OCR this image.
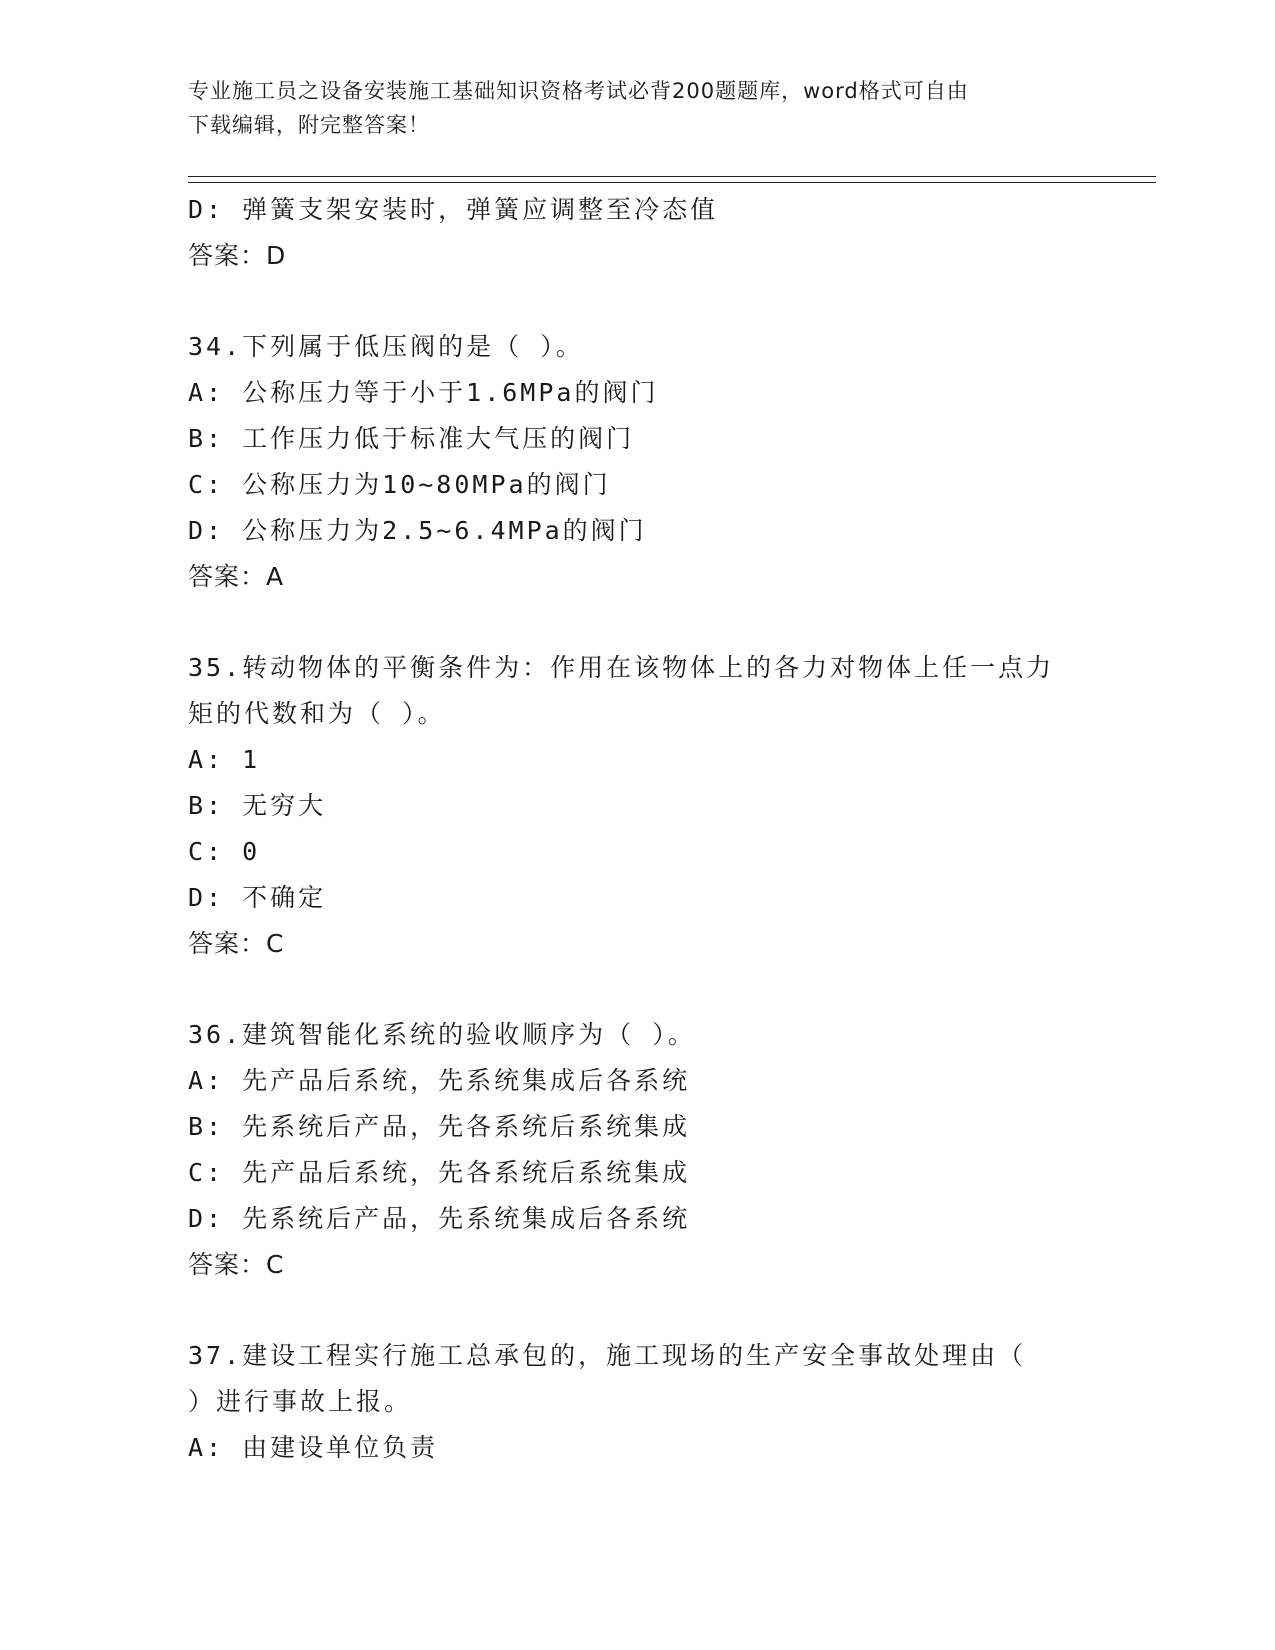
专业施工员之设备安装施工基础知识资格考试必背200题题库，word格式可自由
下载编辑，附完整答案！
D: 弹簧支架安装时，弹簧应调整至冷态值
答案：D
34.下列属于低压阀的是（ ）。
A: 公称压力等于小于1.6MPa的阀门
B: 工作压力低于标准大气压的阀门
C: 公称压力为10~80MPa的阀门
D: 公称压力为2.5~6.4MPa的阀门
答案：A
35.转动物体的平衡条件为：作用在该物体上的各力对物体上任一点力
矩的代数和为（ ）。
A: 1
B: 无穷大
C: 0
D: 不确定
答案：C
36.建筑智能化系统的验收顺序为（ ）。
A: 先产品后系统，先系统集成后各系统
B: 先系统后产品，先各系统后系统集成
C: 先产品后系统，先各系统后系统集成
D: 先系统后产品，先系统集成后各系统
答案：C
37.建设工程实行施工总承包的，施工现场的生产安全事故处理由（
）进行事故上报。
A: 由建设单位负责
